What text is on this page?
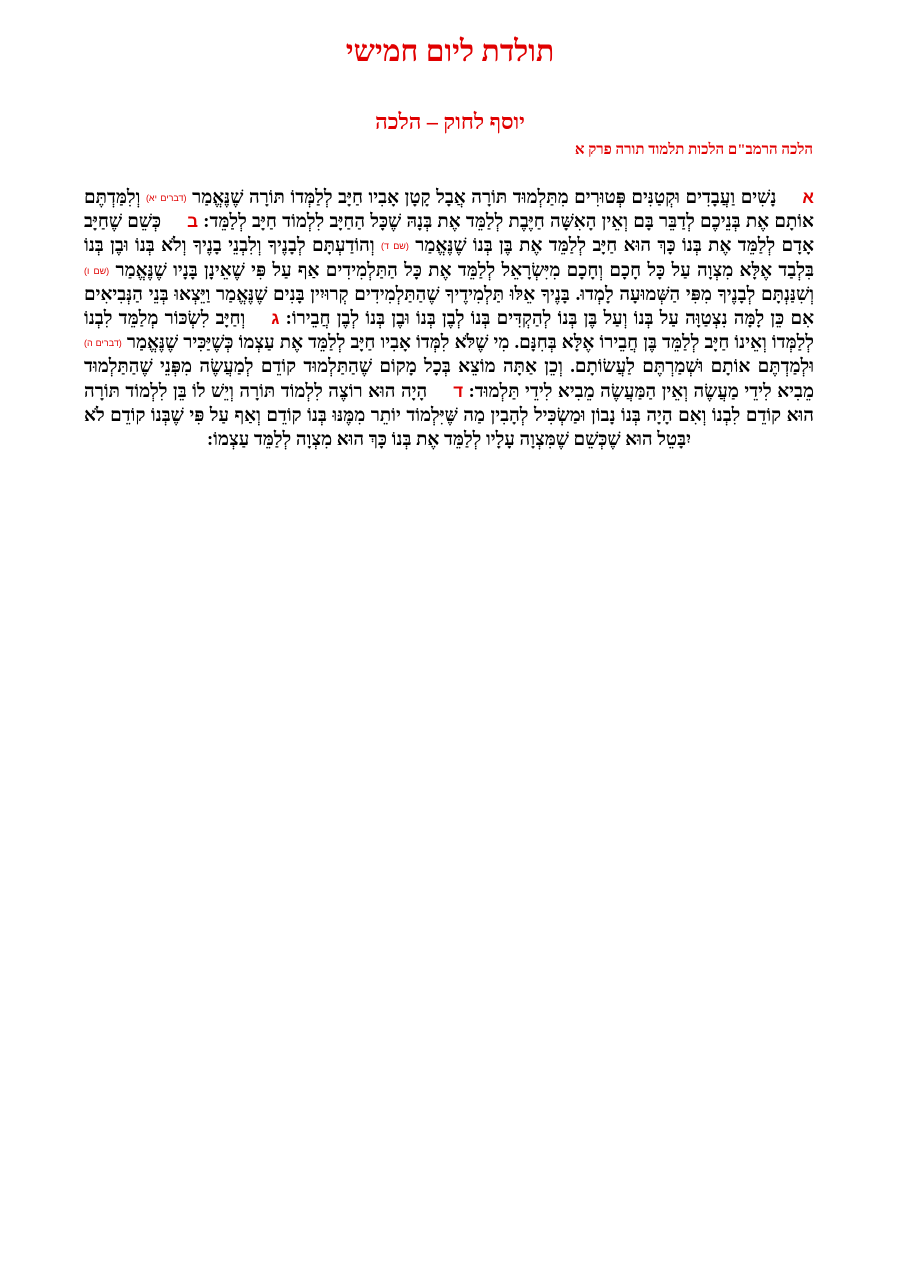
תולדת ליום חמישי
יוסף לחוק – הלכה

הלכה הרמב"ם הלכות תלמוד תורה פרק א

אנָשִׁים וַעֲבָדִים וּקְטַנִּים פְּטוּרִים מִתַּלְמוּד תּוֹרָה אֲבָל קָטָן אָבִיו חַיָּב לְלַמְּדוֹ תּוֹרָה שֶׁנֶּאֱמַר (דברים יא) וְלִמַּדְתֶּם אוֹתָם אֶת בְּנֵיכֶם לְדַבֵּר בָּם וְאֵין הָאִשָּׁה חַיֶּבֶת לְלַמֵּד אֶת בְּנָהּ שֶׁכָּל הַחַיָּב לִלְמוֹד חַיָּב לְלַמֵּד: בכְּשֵׁם שֶׁחַיָּב אָדָם לְלַמֵּד אֶת בְּנוֹ כָּךְ הוּא חַיָּב לְלַמֵּד אֶת בֶּן בְּנוֹ שֶׁנֶּאֱמַר (שם ד) וְהוֹדַעְתָּם לְבָנֶיךָ וְלִבְנֵי בָנֶיךָ וְלֹא בְּנוֹ וּבֶן בְּנוֹ בִּלְבַד אֶלָּא מִצְוָה עַל כָּל חָכָם וְחָכָם מִיִּשְׂרָאֵל לְלַמֵּד אֶת כָּל הַתַּלְמִידִים אַף עַל פִּי שֶׁאֵינָן בָּנָיו שֶׁנֶּאֱמַר (שם ו) וְשִׁנַּנְתָּם לְבָנֶיךָ מִפִּי הַשְּׁמוּעָה לָמְדוּ. בָּנֶיךָ אֵלּוּ תַּלְמִידֶיךָ שֶׁהַתַּלְמִידִים קְרוּיִין בָּנִים שֶׁנֶּאֱמַר וַיֵּצְאוּ בְּנֵי הַנְּבִיאִים אִם כֵּן לָמָּה נִצְטַוָּה עַל בְּנוֹ וְעַל בֶּן בְּנוֹ לְהַקְדִּים בְּנוֹ לְבֶן בְּנוֹ וּבֶן בְּנוֹ לְבֶן חֲבֵירוֹ: גוְחַיָּב לִשְׂכּוֹר מְלַמֵּד לִבְנוֹ לְלַמְּדוֹ וְאֵינוֹ חַיָּב לְלַמֵּד בֶּן חֲבֵירוֹ אֶלָּא בְּחִנָּם. מִי שֶׁלֹּא לִמְּדוֹ אָבִיו חַיָּב לְלַמֵּד אֶת עַצְמוֹ כְּשֶׁיַּכִּיר שֶׁנֶּאֱמַר (דברים ה) וּלְמַדְתֶּם אוֹתָם וּשְׁמַרְתֶּם לַעֲשׂוֹתָם. וְכֵן אַתָּה מוֹצֵא בְּכָל מָקוֹם שֶׁהַתַּלְמוּד קוֹדֵם לְמַעֲשֶׂה מִפְּנֵי שֶׁהַתַּלְמוּד מֵבִיא לִידֵי מַעֲשֶׂה וְאֵין הַמַּעֲשֶׂה מֵבִיא לִידֵי תַּלְמוּד: דהָיָה הוּא רוֹצֶה לִלְמוֹד תּוֹרָה וְיֵשׁ לוֹ בֵּן לִלְמוֹד תּוֹרָה הוּא קוֹדֵם לִבְנוֹ וְאִם הָיָה בְּנוֹ נָבוֹן וּמַשְׂכִּיל לְהָבִין מַה שֶּׁיִּלְמוֹד יוֹתֵר מִמֶּנּוּ בְּנוֹ קוֹדֵם וְאַף עַל פִּי שֶׁבְּנוֹ קוֹדֵם לֹא יִבָּטֵל הוּא שֶׁכְּשֵׁם שֶׁמִּצְוָה עָלָיו לְלַמֵּד אֶת בְּנוֹ כָּךְ הוּא מִצְוָה לְלַמֵּד עַצְמוֹ:
